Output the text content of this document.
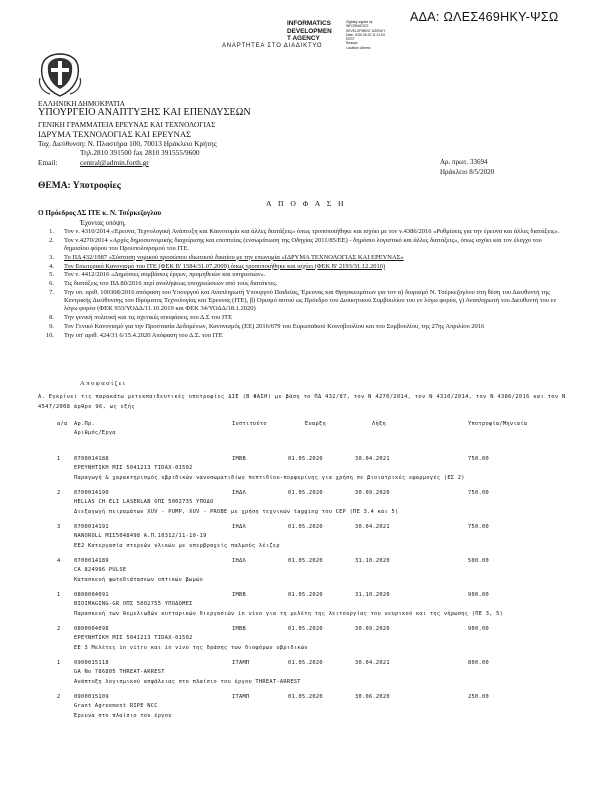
ΑΔΑ: ΩΛΕΣ469ΗΚΥ-ΨΣΩ
INFORMATICS
DEVELOPMEN
T AGENCY
Digitally signed by
INFORMATICS
DEVELOPMENT AGENCY
Date: 2020.06.23 11:12:53
EEST
Reason:
Location: Athens
ΑΝΑΡΤΗΤΕΑ ΣΤΟ ΔΙΑΔΙΚΤΥΟ
ΕΛΛΗΝΙΚΗ ΔΗΜΟΚΡΑΤΙΑ
ΥΠΟΥΡΓΕΙΟ ΑΝΑΠΤΥΞΗΣ ΚΑΙ ΕΠΕΝΔΥΣΕΩΝ
ΓΕΝΙΚΗ ΓΡΑΜΜΑΤΕΙΑ ΕΡΕΥΝΑΣ ΚΑΙ ΤΕΧΝΟΛΟΓΙΑΣ
ΙΔΡΥΜΑ ΤΕΧΝΟΛΟΓΙΑΣ ΚΑΙ ΕΡΕΥΝΑΣ
Ταχ. Διεύθυνση: Ν. Πλαστήρα 100, 70013 Ηράκλειο Κρήτης
Τηλ.2810 391500 fax 2810 391555/9600
Email:	central@admin.forth.gr	Αρ. πρωτ. 33694
Ηράκλειο 8/5/2020
ΘΕΜΑ: Υποτροφίες
Α Π Ο Φ Α Σ Η
Ο Πρόεδρος ΔΣ ΙΤΕ κ. Ν. Τσέρκεζογλου
Έχοντας υπόψη,
1.	Τον ν. 4310/2014 «Έρευνα, Τεχνολογική Ανάπτυξη και Καινοτομία και άλλες διατάξεις» όπως τροποποιήθηκε και ισχύει με τον ν.4386/2016 «Ρυθμίσεις για την έρευνα και άλλες διατάξεις».
2.	Τον ν.4270/2014 «Αρχές δημοσιονομικής διαχείρισης και εποπτείας (ενσωμάτωση της Οδηγίας 2011/85/ΕΕ) - δημόσιο λογιστικό και άλλες διατάξεις», όπως ισχύει και τον έλεγχο του δημοσίου φόρου του Προυπολογισμού του ΙΤΕ.
3.	Το ΠΔ 432/1987 «Σύσταση νομικού προσώπου ιδιωτικού δικαίου με την επωνυμία «ΙΔΡΥΜΑ ΤΕΧΝΟΛΟΓΙΑΣ ΚΑΙ ΕΡΕΥΝΑΣ»
4.	Τον Εσωτερικό Κανονισμό του ΙΤΕ (ΦΕΚ Β' 1584/31.07.2009) όπως τροποποιήθηκε και ισχύει (ΦΕΚ Β' 2193/31.12.2010)
5.	Τον ν. 4412/2016 «Δημόσιες συμβάσεις έργων, προμηθειών και υπηρεσιών».
6.	Τις διατάξεις του ΠΔ 80/2016 περί αναλήψεως υποχρεώσεων από τους διατάκτες.
7.	Την υπ. αριθ. 100308/2016 απόφαση του Υπουργού και Αναπληρωτή Υπουργού Παιδείας, Έρευνας και Θρησκευμάτων για τον α) διορισμό Ν. Τσέρκεζογλου στη θέση του Διευθυντή της Κεντρικής Διεύθυνσης του Ιδρύματος Τεχνολογίας και Έρευνας (ΙΤΕ), β) Ορισμό αυτού ως Πρόεδρο του Διοικητικού Συμβουλίου του εν λόγω φορέα, γ) Αναπληρωτή του Διευθυντή του εν λόγω φορέα (ΦΕΚ 933/ΥΟΔΔ/11.10.2019 και ΦΕΚ 34/ΥΟΔΔ/18.1.2020)
8.	Την γενική πολιτική και τις σχετικές αποφάσεις του Δ.Σ του ΙΤΕ
9.	Τον Γενικό Κανονισμό για την Προστασία Δεδομένων, Κανονισμός (ΕΕ) 2016/679 του Ευρωπαϊκού Κοινοβουλίου και του Συμβουλίου, της 27ης Απριλίου 2016
10.	Την υπ' αριθ. 424/31 6/15.4.2020 Απόφαση του Δ.Σ. του ΙΤΕ
Αποφασίζει
Α. Εγκρίνει τις παρακάτω μετεκπαιδευτικές υποτροφίες ΔΙΕ (Β ΦΑΣΗ) με βάση το ΠΔ 432/87, τον Ν 4270/2014, τον Ν 4310/2014, τον Ν 4386/2016 και τον Ν 4547/2008 άρθρο 96, ως εξής
α/α Αρ.Πρ.	Ινστιτούτο	Έναρξη	Λήξη	Υποτροφία/Μηνιαία
Αριθμός/Έργα
1	0700014188	ΙΜΒΒ	01.05.2020	30.04.2021	750.00
ΕΡΕΥΝΗΤΙΚΗ ΜΙΣ 5041213 TIDAX-01502
Παραγωγή & χαρακτηρισμός υβριδικών νανοσωματιδίων πεπτιδίου-πορφυρίνης για χρήση σε βιοιατρικές εφαρμογές (ΕΣ 2)
2	0700014190	ΙΗΔΛ	01.05.2020	30.09.2020	750.00
HELLAS CH ELI LASERLAB ΟΠΣ 5002735 ΥΠΟΔΟ
Διεξαγωγή πειραμάτων XUV - PUMP, XUV - PROBE με χρήση τεχνικών tagging του CEP (ΠΕ 3.4 και 5)
3	0700014191	ΙΗΔΛ	01.05.2020	30.04.2021	750.00
NANOROLL ΜΙΣ5048498 Α.Π.10312/11-10-19
ΕΕ2 Κατεργασία στερεών υλικών με υπερβραχείς παλμούς λέιζερ
4	0700014189	ΙΗΔΛ	01.05.2020	31.10.2020	500.00
CA 824996 PULSE
Κατασκευή φωτοδιάτασεων οπτικών βωμών
1	0800004091	ΙΜΒΒ	01.05.2020	31.10.2020	900.00
BIOIMAGING-GR ΟΠΣ 5002755 ΥΠΟΔΟΜΕΣ
Παρασκευή των θεμελιωδών κυτταρικών διεργασιών in vivo για τη μελέτη της λειτουργίας του νευρικού και της νήρωσης (ΠΕ 3, 5)
2	0800004098	ΙΜΒΒ	01.05.2020	30.09.2020	900.00
ΕΡΕΥΝΗΤΙΚΗ ΜΙΣ 5041213 TIDAX-01502
ΕΕ 3 Μελέτες in vitro και in vivo της δράσης των διοφόρων υβριδικών
1	0900015118	ΙΤΑΜΠ	01.05.2020	30.04.2021	800.00
GA No 786805 THREAT-ARREST
Ανάπτυξη λογισμικού ασφάλειας στο πλαίσιο του έργου THREAT-ARREST
2	0900015109	ΙΤΑΜΠ	01.05.2020	30.06.2020	250.00
Grant Agreement RIPE NCC
Έρευνα στο πλαίσιο του έργου
